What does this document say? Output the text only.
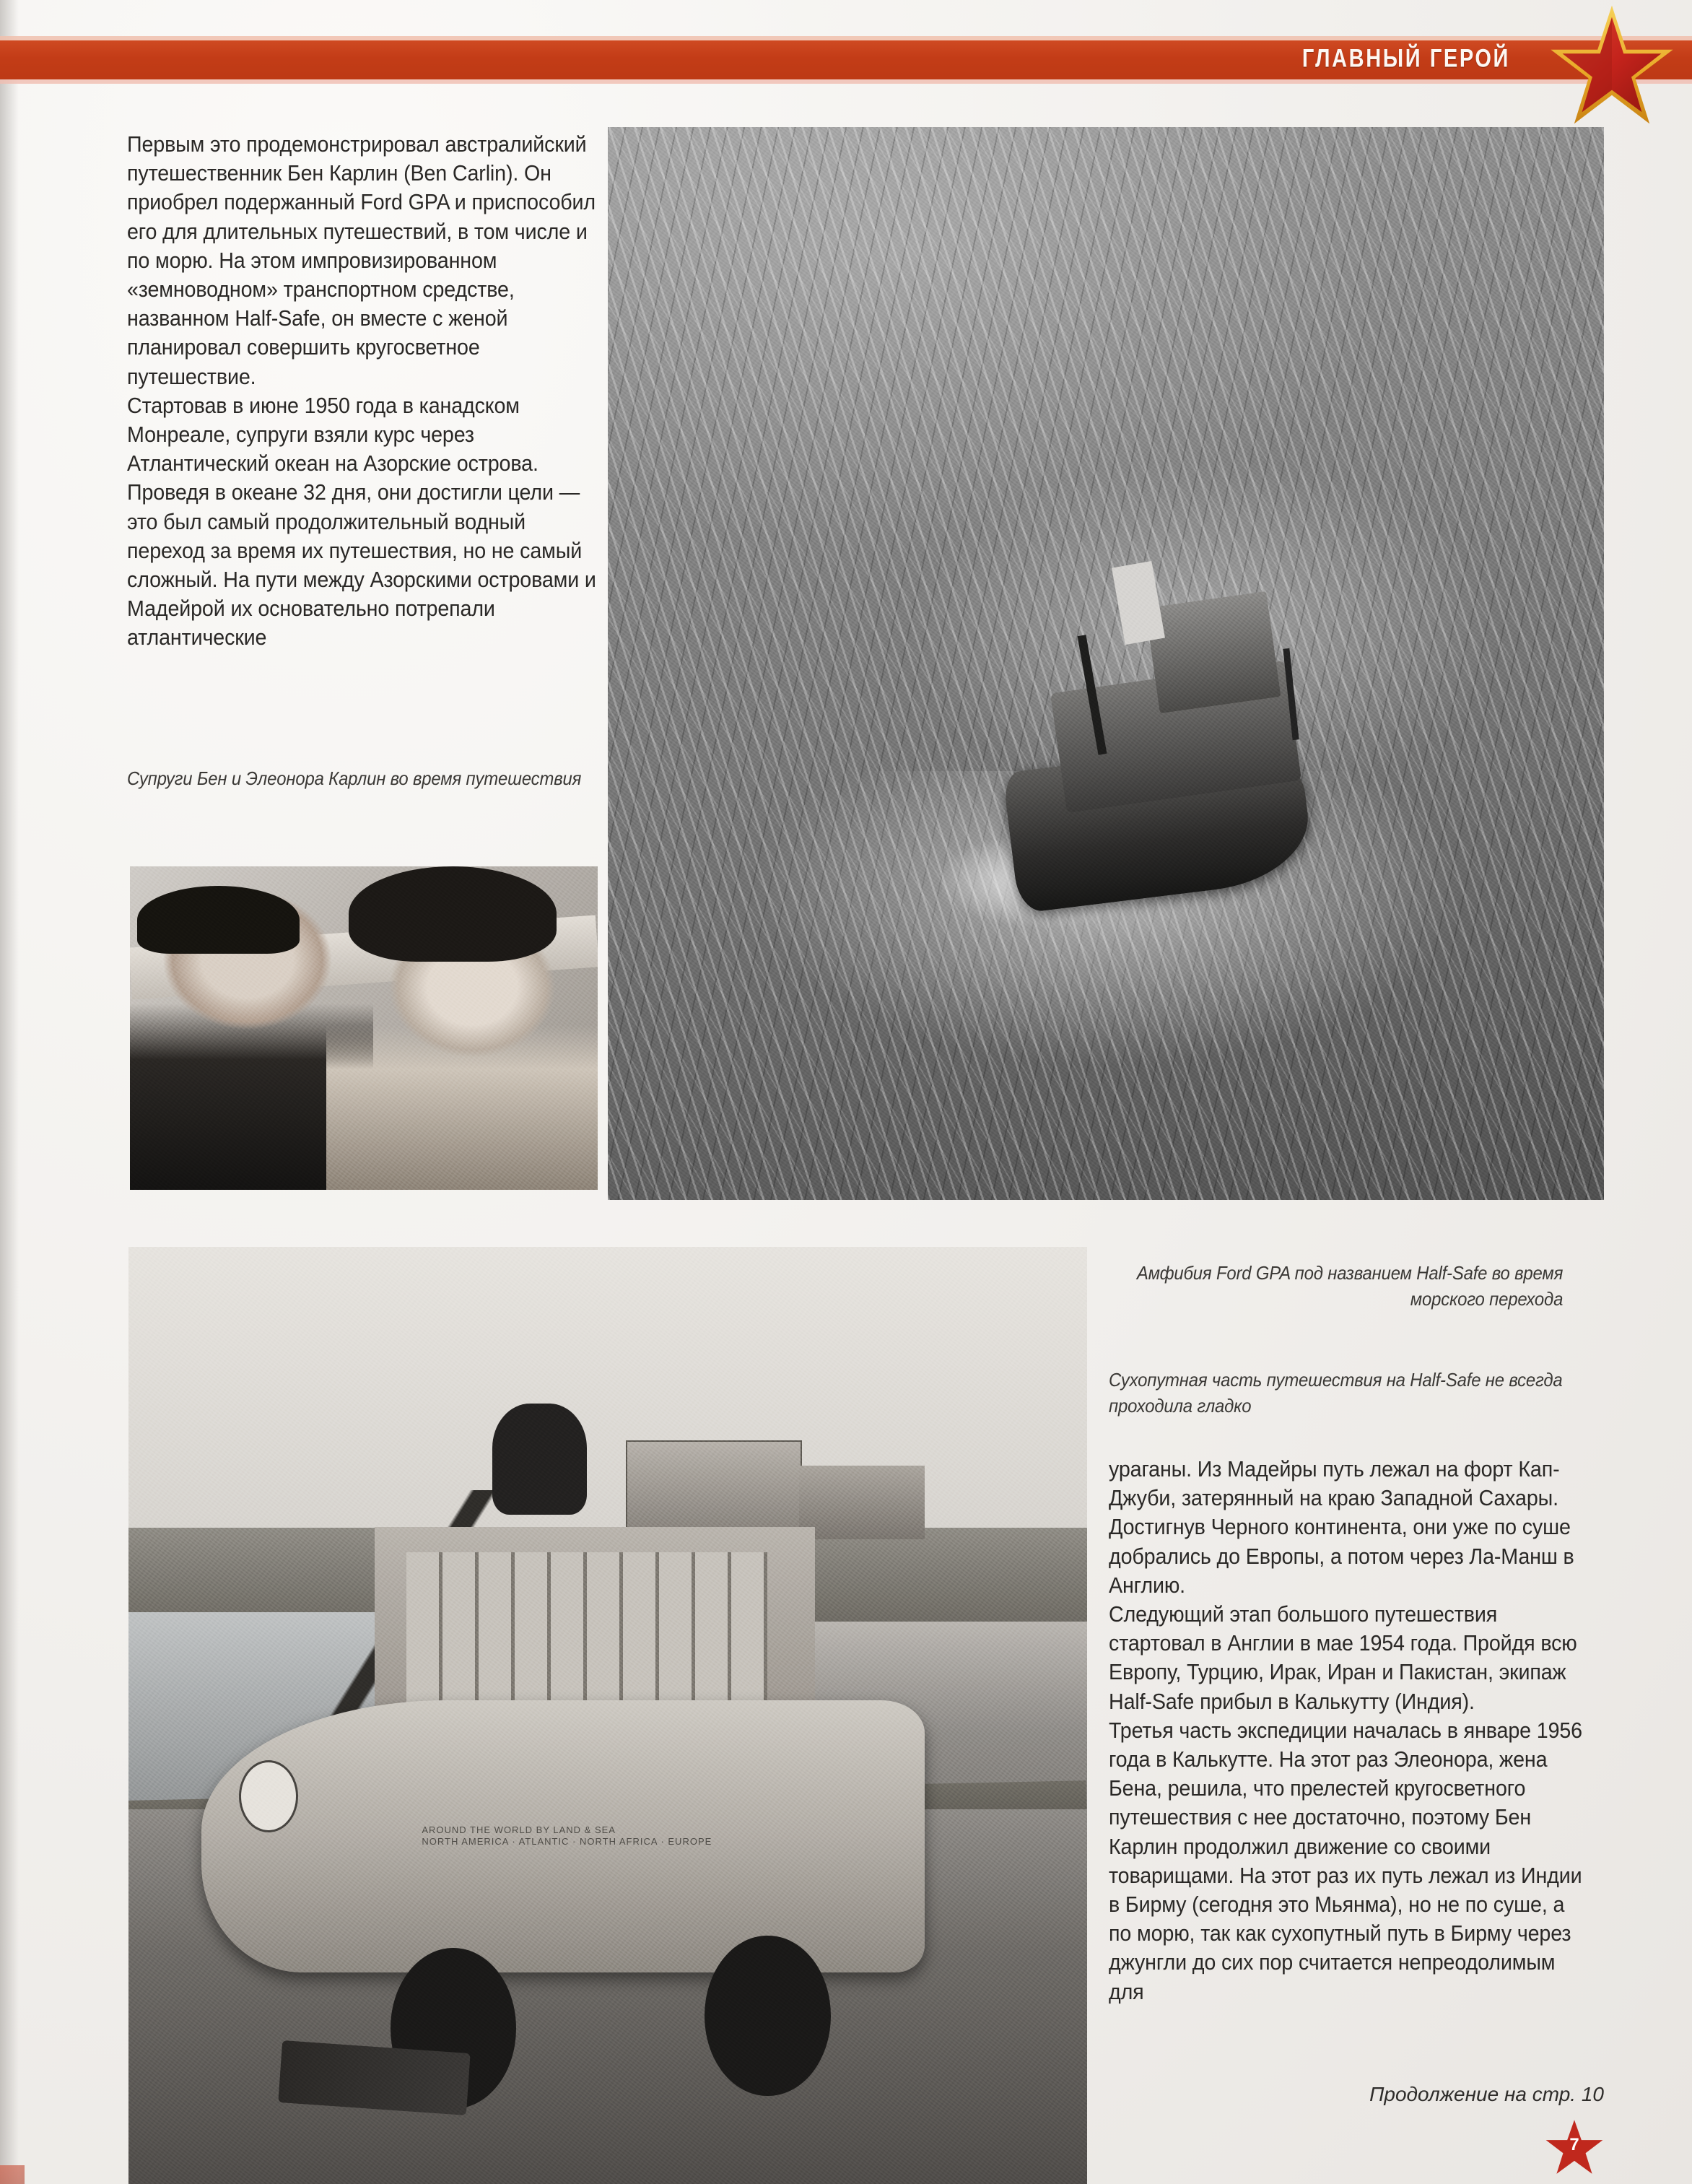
ГЛАВНЫЙ ГЕРОЙ

Первым это продемонстрировал австралийский путешественник Бен Карлин (Ben Carlin). Он приобрел подержанный Ford GPA и приспособил его для длительных путешествий, в том числе и по морю. На этом импровизированном «земноводном» транспортном средстве, названном Half-Safe, он вместе с женой планировал совершить кругосветное путешествие.

Стартовав в июне 1950 года в канадском Монреале, супруги взяли курс через Атлантический океан на Азорские острова. Проведя в океане 32 дня, они достигли цели — это был самый продолжительный водный переход за время их путешествия, но не самый сложный. На пути между Азорскими островами и Мадейрой их основательно потрепали атлантические

Супруги Бен и Элеонора Карлин во время путешествия
AROUND THE WORLD BY LAND & SEA
NORTH AMERICA · ATLANTIC · NORTH AFRICA · EUROPE
Амфибия Ford GPA под названием Half-Safe во время морского перехода
Сухопутная часть путешествия на Half-Safe не всегда проходила гладко

ураганы. Из Мадейры путь лежал на форт Кап-Джуби, затерянный на краю Западной Сахары. Достигнув Черного континента, они уже по суше добрались до Европы, а потом через Ла-Манш в Англию.

Следующий этап большого путешествия стартовал в Англии в мае 1954 года. Пройдя всю Европу, Турцию, Ирак, Иран и Пакистан, экипаж Half-Safe прибыл в Калькутту (Индия).

Третья часть экспедиции началась в январе 1956 года в Калькутте. На этот раз Элеонора, жена Бена, решила, что прелестей кругосветного путешествия с нее достаточно, поэтому Бен Карлин продолжил движение со своими товарищами. На этот раз их путь лежал из Индии в Бирму (сегодня это Мьянма), но не по суше, а по морю, так как сухопутный путь в Бирму через джунгли до сих пор считается непреодолимым для

Продолжение на стр. 10
7
